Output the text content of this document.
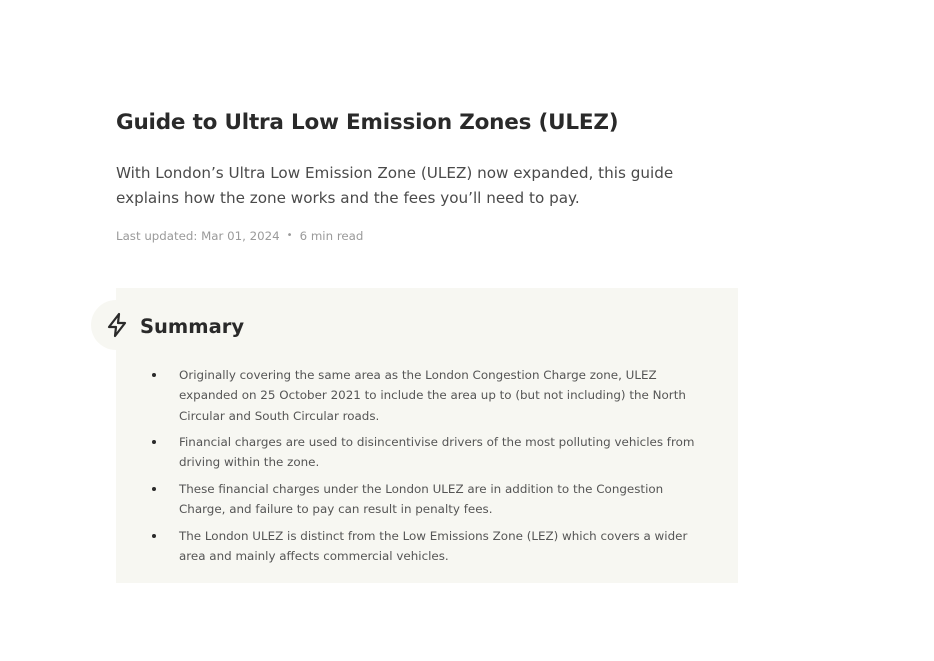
Guide to Ultra Low Emission Zones (ULEZ)

With London’s Ultra Low Emission Zone (ULEZ) now expanded, this guide explains how the zone works and the fees you’ll need to pay.

Last updated: Mar 01, 2024 • 6 min read
Summary
Originally covering the same area as the London Congestion Charge zone, ULEZ expanded on 25 October 2021 to include the area up to (but not including) the North Circular and South Circular roads.
Financial charges are used to disincentivise drivers of the most polluting vehicles from driving within the zone.
These financial charges under the London ULEZ are in addition to the Congestion Charge, and failure to pay can result in penalty fees.
The London ULEZ is distinct from the Low Emissions Zone (LEZ) which covers a wider area and mainly affects commercial vehicles.
